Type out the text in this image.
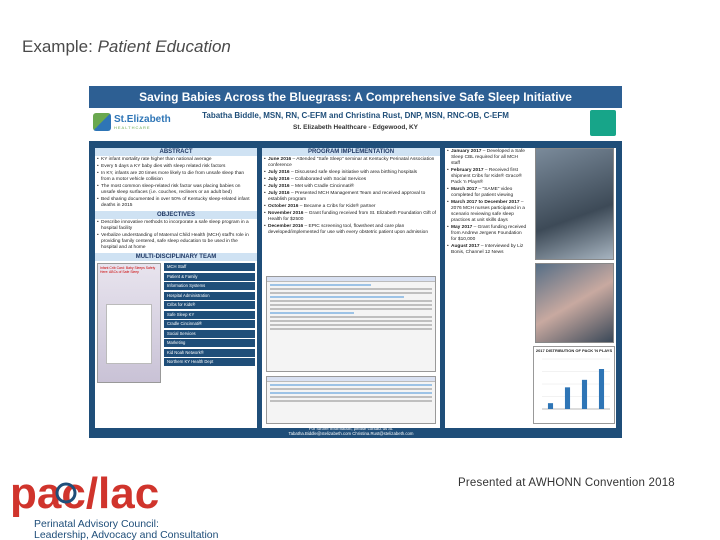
Example: Patient Education
Saving Babies Across the Bluegrass: A Comprehensive Safe Sleep Initiative
St.Elizabeth
HEALTHCARE
Tabatha Biddle, MSN, RN, C-EFM and Christina Rust, DNP, MSN, RNC-OB, C-EFM
St. Elizabeth Healthcare - Edgewood, KY
ABSTRACT
• KY infant mortality rate higher than national average
• Every 5 days a KY baby dies with sleep related risk factors
• In KY, infants are 20 times more likely to die from unsafe sleep than from a motor vehicle collision
• The most common sleep-related risk factor was placing babies on unsafe sleep surfaces (i.e. couches, recliners or an adult bed)
• Bed sharing documented in over 50% of Kentucky sleep-related infant deaths in 2015
OBJECTIVES
• Describe innovative methods to incorporate a safe sleep program in a hospital facility
• Verbalize understanding of Maternal Child Health (MCH) staff's role in providing family centered, safe sleep education to be used in the hospital and at home
MULTI-DISCIPLINARY TEAM
Infant Crib Card: Baby Sleeps Safely Here: ABCs of Safe Sleep
MCH Staff
Patient & Family
Information Systems
Hospital Administration
Cribs for Kids®
Safe Sleep KY
Cradle Cincinnati®
Social Services
Marketing
Kid Noah Network®
Northern KY Health Dept
PROGRAM IMPLEMENTATION
• June 2016 – Attended "Safe Sleep" seminar at Kentucky Perinatal Association conference
• July 2016 – Discussed safe sleep initiative with area birthing hospitals
• July 2016 – Collaborated with Social Services
• July 2016 – Met with Cradle Cincinnati®
• July 2016 – Presented MCH Management Team and received approval to establish program
• October 2016 – Became a Cribs for Kids® partner
• November 2016 – Grant funding received from St. Elizabeth Foundation Gift of Health for $2500
• December 2016 – EPIC screening tool, flowsheet and care plan developed/implemented for use with every obstetric patient upon admission
• January 2017 – Developed a Safe Sleep CBL required for all MCH staff
• February 2017 – Received first shipment Cribs for Kids® Graco® Pack 'n Plays®
• March 2017 – "SAME" video completed for patient viewing
• March 2017 to December 2017 – 2076 MCH nurses participated in a scenario reviewing safe sleep practices at unit skills days
• May 2017 – Grant funding received from Andrew Jergens Foundation for $10,000
• August 2017 – Interviewed by Liz Bonis, Channel 12 News
2017 DISTRIBUTION OF PACK 'N PLAYS
For further information, please contact us at:
Tabatha.Biddle@stelizabeth.com Christina.Rust@stelizabeth.com
pac/lac
Perinatal Advisory Council:
Leadership, Advocacy and Consultation
Presented at AWHONN Convention 2018
